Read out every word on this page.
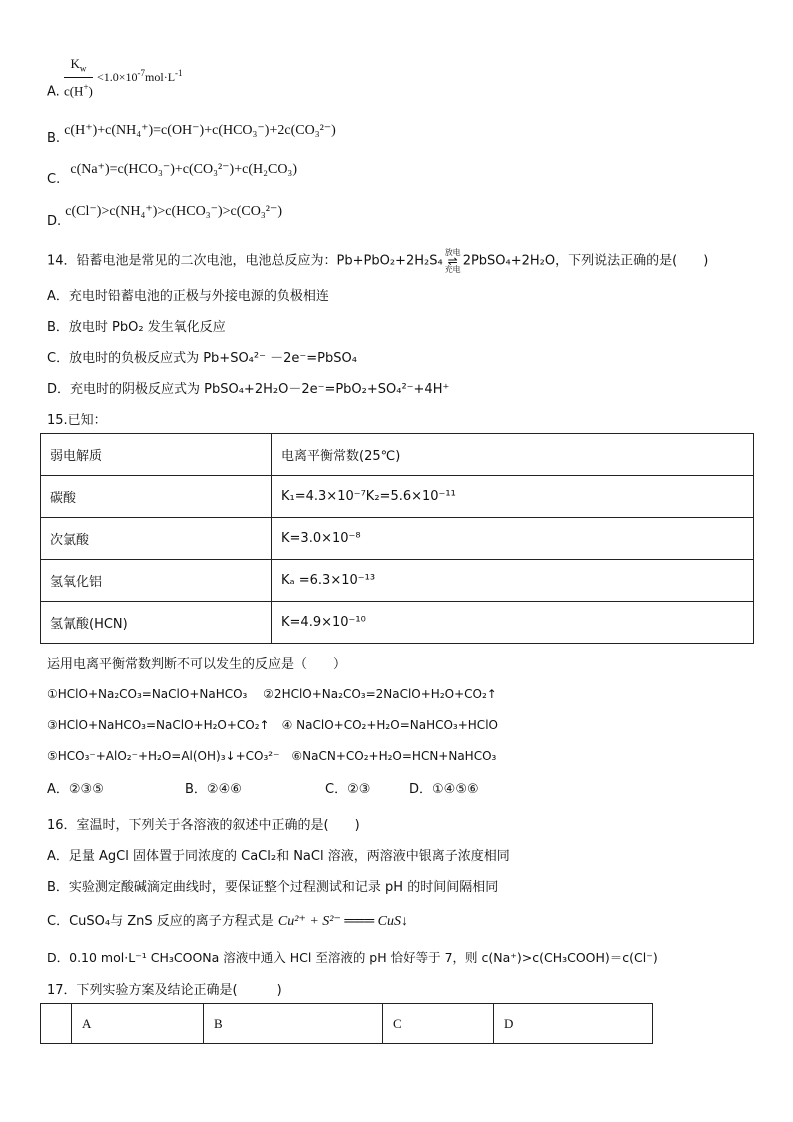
A. $\frac{K_w}{c(H^+)} <1.0\times 10^{-7}mol\cdot L^{-1}$
B. c(H⁺)+c(NH₄⁺)=c(OH⁻)+c(HCO₃⁻)+2c(CO₃²⁻)
C. c(Na⁺)=c(HCO₃⁻)+c(CO₃²⁻)+c(H₂CO₃)
D. c(Cl⁻)>c(NH₄⁺)>c(HCO₃⁻)>c(CO₃²⁻)
14．铅蓄电池是常见的二次电池，电池总反应为：Pb+PbO₂+2H₂S₄放电
⇌
充电2PbSO₄+2H₂O，下列说法正确的是(　　)
A．充电时铅蓄电池的正极与外接电源的负极相连
B．放电时 PbO₂ 发生氧化反应
C．放电时的负极反应式为 Pb+SO₄²⁻ －2e⁻=PbSO₄
D．充电时的阴极反应式为 PbSO₄+2H₂O－2e⁻=PbO₂+SO₄²⁻+4H⁺
15.已知：
弱电解质	电离平衡常数(25℃)
碳酸	K₁=4.3×10⁻⁷K₂=5.6×10⁻¹¹
次氯酸	K=3.0×10⁻⁸
氢氧化铝	Kₐ =6.3×10⁻¹³
氢氰酸(HCN)	K=4.9×10⁻¹⁰
运用电离平衡常数判断不可以发生的反应是（　　）
①HClO+Na₂CO₃=NaClO+NaHCO₃　 ②2HClO+Na₂CO₃=2NaClO+H₂O+CO₂↑
③HClO+NaHCO₃=NaClO+H₂O+CO₂↑　④ NaClO+CO₂+H₂O=NaHCO₃+HClO
⑤HCO₃⁻+AlO₂⁻+H₂O=Al(OH)₃↓+CO₃²⁻　⑥NaCN+CO₂+H₂O=HCN+NaHCO₃
A．②③⑤	B．②④⑥	C．②③	D．①④⑤⑥
16．室温时，下列关于各溶液的叙述中正确的是(　　)
A．足量 AgCl 固体置于同浓度的 CaCl₂和 NaCl 溶液，两溶液中银离子浓度相同
B．实验测定酸碱滴定曲线时，要保证整个过程测试和记录 pH 的时间间隔相同
C．CuSO₄与 ZnS 反应的离子方程式是 Cu²⁺ + S²⁻ ═══ CuS↓
D．0.10 mol·L⁻¹ CH₃COONa 溶液中通入 HCl 至溶液的 pH 恰好等于 7，则 c(Na⁺)>c(CH₃COOH)＝c(Cl⁻)
17．下列实验方案及结论正确是(　　　)
	A	B	C	D
